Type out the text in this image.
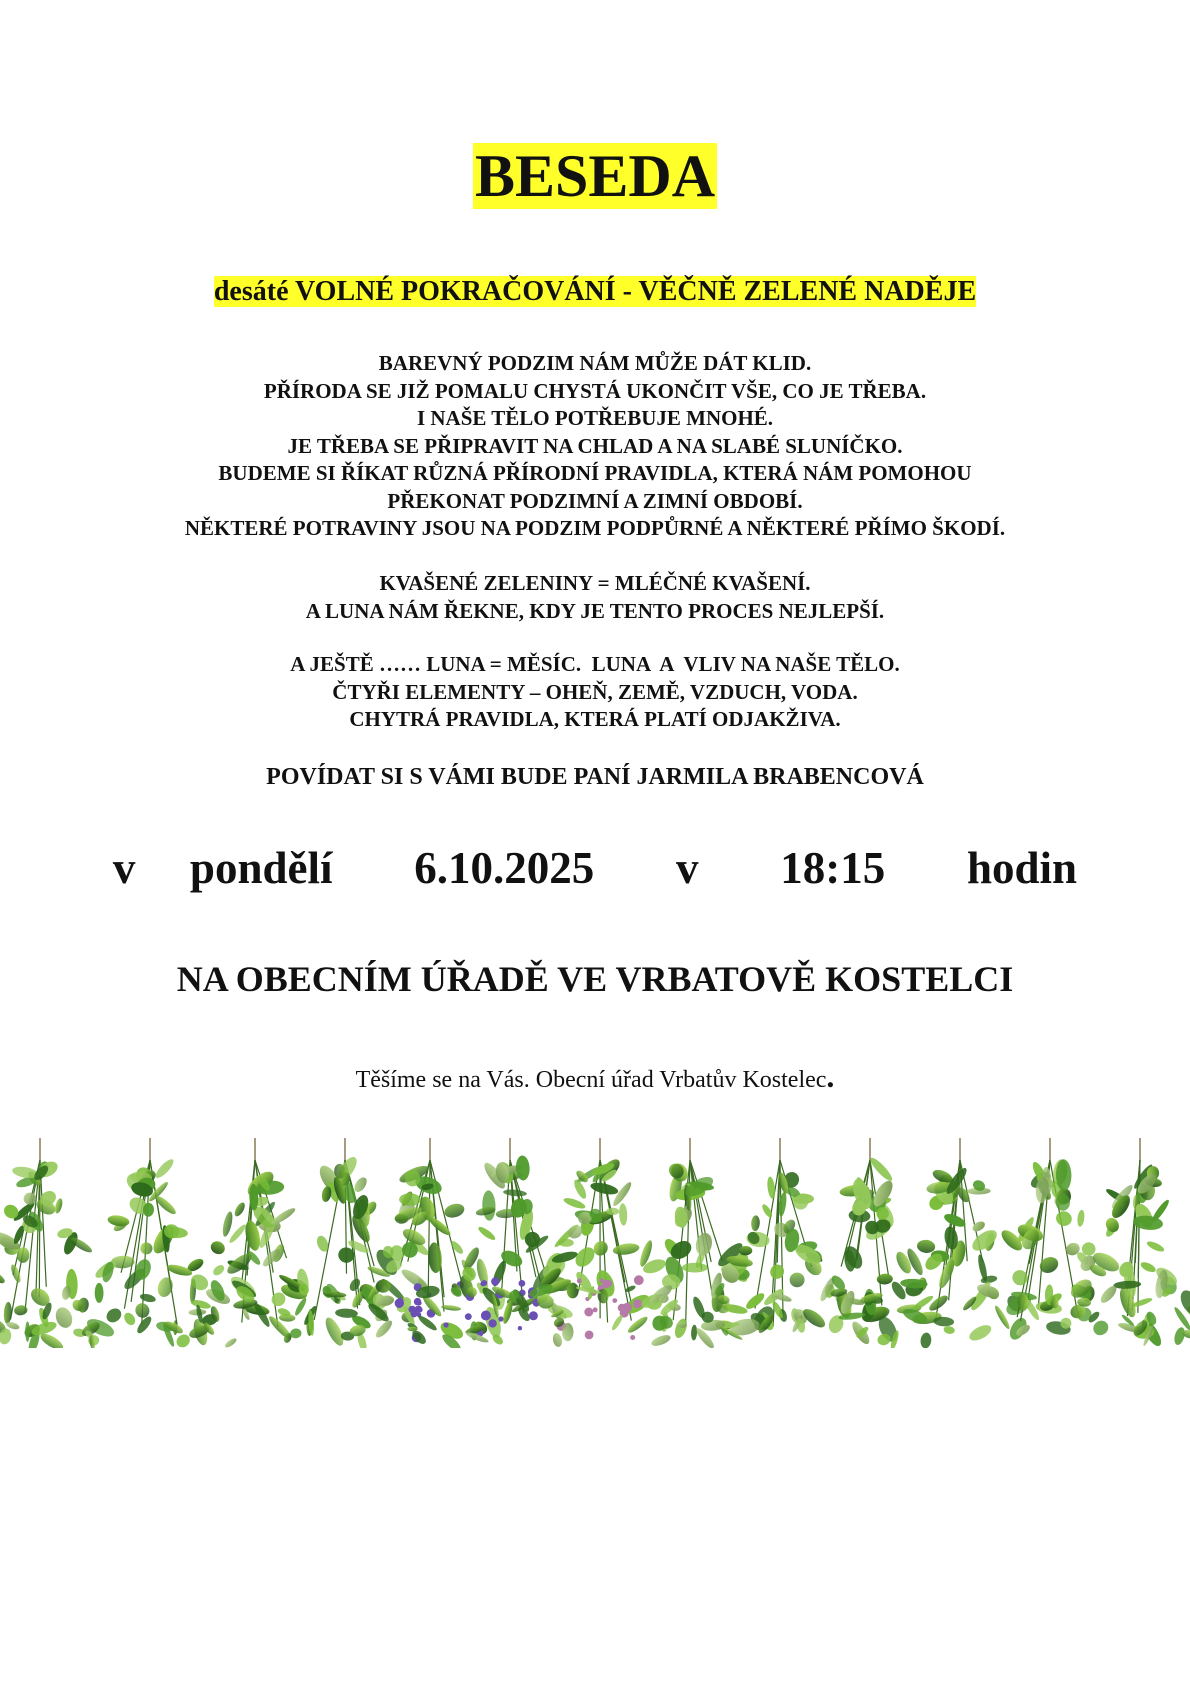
BESEDA
desáté VOLNÉ POKRAČOVÁNÍ - VĚČNĚ ZELENÉ NADĚJE
BAREVNÝ PODZIM NÁM MŮŽE DÁT KLID.
PŘÍRODA SE JIŽ POMALU CHYSTÁ UKONČIT VŠE, CO JE TŘEBA.
I NAŠE TĚLO POTŘEBUJE MNOHÉ.
JE TŘEBA SE PŘIPRAVIT NA CHLAD A NA SLABÉ SLUNÍČKO.
BUDEME SI ŘÍKAT RŮZNÁ PŘÍRODNÍ PRAVIDLA, KTERÁ NÁM POMOHOU
PŘEKONAT PODZIMNÍ A ZIMNÍ OBDOBÍ.
NĚKTERÉ POTRAVINY JSOU NA PODZIM PODPŮRNÉ A NĚKTERÉ PŘÍMO ŠKODÍ.
KVAŠENÉ ZELENINY = MLÉČNÉ KVAŠENÍ.
A LUNA NÁM ŘEKNE, KDY JE TENTO PROCES NEJLEPŠÍ.
A JEŠTĚ …… LUNA = MĚSÍC.  LUNA  A  VLIV NA NAŠE TĚLO.
ČTYŘI ELEMENTY – OHEŇ, ZEMĚ, VZDUCH, VODA.
CHYTRÁ PRAVIDLA, KTERÁ PLATÍ ODJAKŽIVA.
POVÍDAT SI S VÁMI BUDE PANÍ JARMILA BRABENCOVÁ
v  pondělí   6.10.2025   v   18:15   hodin
NA OBECNÍM ÚŘADĚ VE VRBATOVĚ KOSTELCI
Těšíme se na Vás. Obecní úřad Vrbatův Kostelec.
